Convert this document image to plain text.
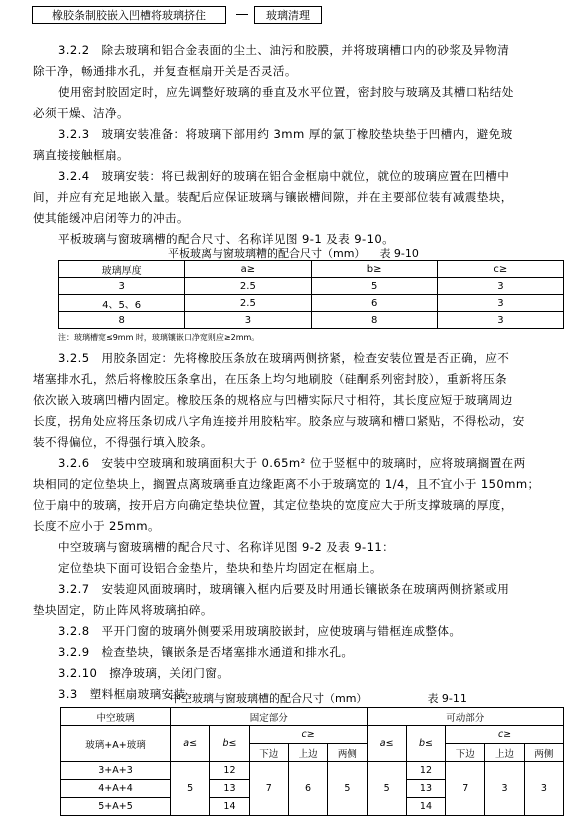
橡胶条制胶嵌入凹槽将玻璃挤住	玻璃清理
3.2.2　除去玻璃和铝合金表面的尘土、油污和胶膜，并将玻璃槽口内的砂浆及异物清
除干净，畅通排水孔，并复查框扇开关是否灵活。
使用密封胶固定时，应先调整好玻璃的垂直及水平位置，密封胶与玻璃及其槽口粘结处
必须干燥、洁净。
3.2.3　玻璃安装准备：将玻璃下部用约 3mm 厚的氯丁橡胶垫块垫于凹槽内，避免玻
璃直接接触框扇。
3.2.4　玻璃安装：将已裁割好的玻璃在铝合金框扇中就位，就位的玻璃应置在凹槽中
间，并应有充足地嵌入量。装配后应保证玻璃与镶嵌槽间隙，并在主要部位装有减震垫块，
使其能缓冲启闭等力的冲击。
平板玻璃与窗玻璃槽的配合尺寸、名称详见图 9-1 及表 9-10。
平板玻离与窗玻璃糟的配合尺寸（mm） 表 9-10
玻璃厚度	a≥	b≥	c≥
3	2.5	5	3
4、5、6	2.5	6	3
8	3	8	3
注：玻璃槽宽≤9mm 时，玻璃镶嵌口净宽则应≥2mm。
3.2.5　用胶条固定：先将橡胶压条放在玻璃两侧挤紧，检查安装位置是否正确，应不
堵塞排水孔，然后将橡胶压条拿出，在压条上均匀地刷胶（硅酮系列密封胶），重新将压条
依次嵌入玻璃凹槽内固定。橡胶压条的规格应与凹槽实际尺寸相符，其长度应短于玻璃周边
长度，拐角处应将压条切成八字角连接并用胶粘牢。胶条应与玻璃和槽口紧贴，不得松动，安
装不得偏位，不得强行填入胶条。
3.2.6　安装中空玻璃和玻璃面积大于 0.65m² 位于竖框中的玻璃时，应将玻璃搁置在两
块相同的定位垫块上，搁置点离玻璃垂直边缘距离不小于玻璃宽的 1/4，且不宜小于 150mm；
位于扇中的玻璃，按开启方向确定垫块位置，其定位垫块的宽度应大于所支撑玻璃的厚度，
长度不应小于 25mm。
中空玻璃与窗玻璃槽的配合尺寸、名称详见图 9-2 及表 9-11：
定位垫块下面可设铝合金垫片，垫块和垫片均固定在框扇上。
3.2.7　安装迎风面玻璃时，玻璃镶入框内后要及时用通长镶嵌条在玻璃两侧挤紧或用
垫块固定，防止阵风将玻璃拍碎。
3.2.8　平开门窗的玻璃外侧要采用玻璃胶嵌封，应使玻璃与错框连成整体。
3.2.9　检查垫块，镶嵌条是否堵塞排水通道和排水孔。
3.2.10　擦净玻璃，关闭门窗。
3.3　塑料框扇玻璃安装
中空玻璃与窗玻璃槽的配合尺寸（mm）	表 9-11
中空玻璃	固定部分					可动部分				
玻璃+A+玻璃	a≤	b≤	c≥			a≤	b≤	c≥		
			下边	上边	两侧			下边	上边	两侧
3+A+3	5	12	7	6	5	5	12	7	3	3
4+A+4		13					13			
5+A+5		14					14			
